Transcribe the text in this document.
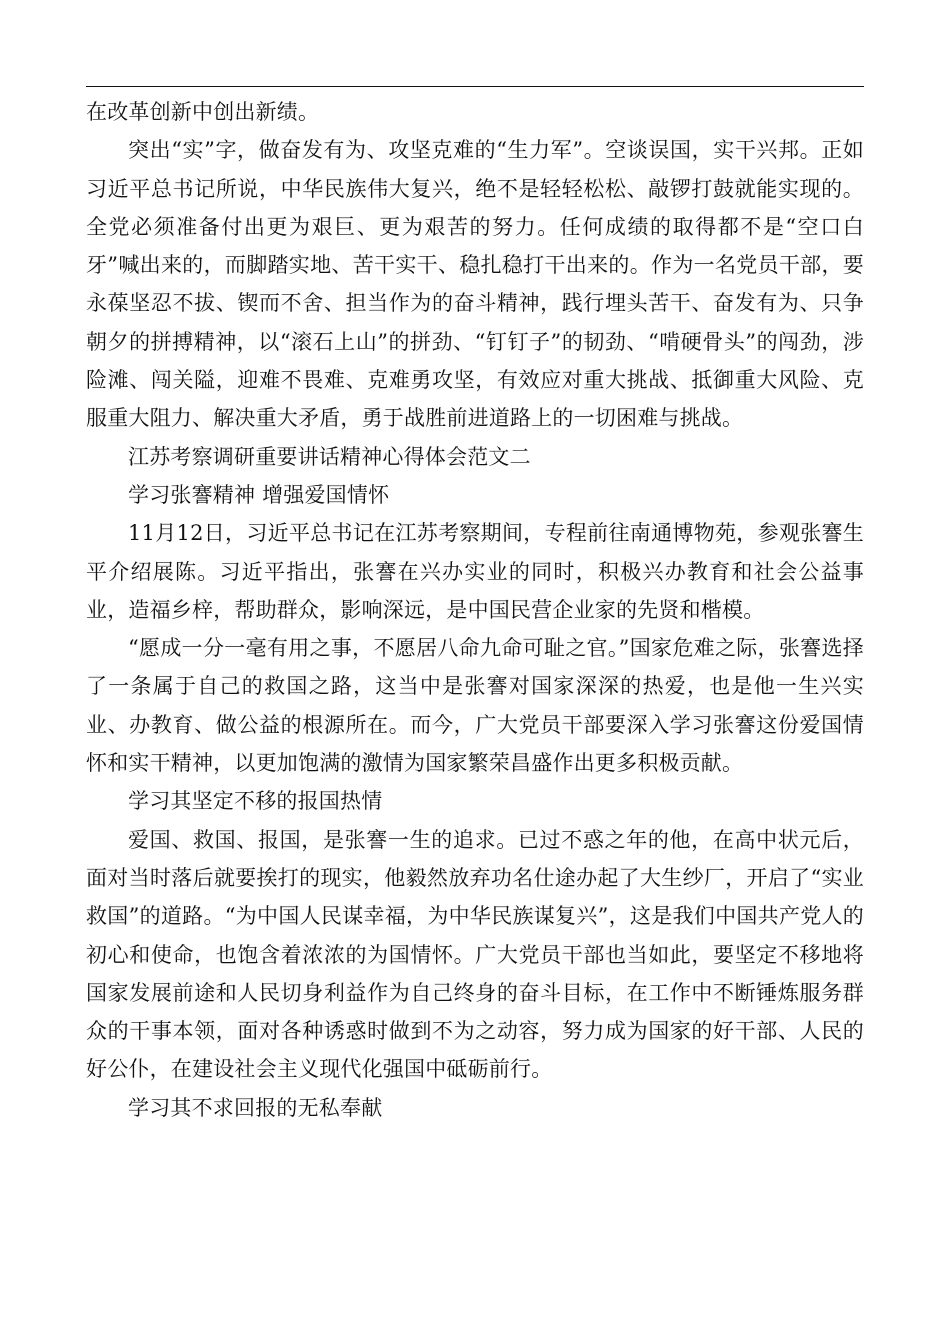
在改革创新中创出新绩。

突出“实”字，做奋发有为、攻坚克难的“生力军”。空谈误国，实干兴邦。正如习近平总书记所说，中华民族伟大复兴，绝不是轻轻松松、敲锣打鼓就能实现的。全党必须准备付出更为艰巨、更为艰苦的努力。任何成绩的取得都不是“空口白牙”喊出来的，而脚踏实地、苦干实干、稳扎稳打干出来的。作为一名党员干部，要永葆坚忍不拔、锲而不舍、担当作为的奋斗精神，践行埋头苦干、奋发有为、只争朝夕的拼搏精神，以“滚石上山”的拼劲、“钉钉子”的韧劲、“啃硬骨头”的闯劲，涉险滩、闯关隘，迎难不畏难、克难勇攻坚，有效应对重大挑战、抵御重大风险、克服重大阻力、解决重大矛盾，勇于战胜前进道路上的一切困难与挑战。

江苏考察调研重要讲话精神心得体会范文二

学习张謇精神 增强爱国情怀

11月12日，习近平总书记在江苏考察期间，专程前往南通博物苑，参观张謇生平介绍展陈。习近平指出，张謇在兴办实业的同时，积极兴办教育和社会公益事业，造福乡梓，帮助群众，影响深远，是中国民营企业家的先贤和楷模。

“愿成一分一毫有用之事，不愿居八命九命可耻之官。”国家危难之际，张謇选择了一条属于自己的救国之路，这当中是张謇对国家深深的热爱，也是他一生兴实业、办教育、做公益的根源所在。而今，广大党员干部要深入学习张謇这份爱国情怀和实干精神，以更加饱满的激情为国家繁荣昌盛作出更多积极贡献。

学习其坚定不移的报国热情

爱国、救国、报国，是张謇一生的追求。已过不惑之年的他，在高中状元后，面对当时落后就要挨打的现实，他毅然放弃功名仕途办起了大生纱厂，开启了“实业救国”的道路。“为中国人民谋幸福，为中华民族谋复兴”，这是我们中国共产党人的初心和使命，也饱含着浓浓的为国情怀。广大党员干部也当如此，要坚定不移地将国家发展前途和人民切身利益作为自己终身的奋斗目标，在工作中不断锤炼服务群众的干事本领，面对各种诱惑时做到不为之动容，努力成为国家的好干部、人民的好公仆，在建设社会主义现代化强国中砥砺前行。

学习其不求回报的无私奉献
